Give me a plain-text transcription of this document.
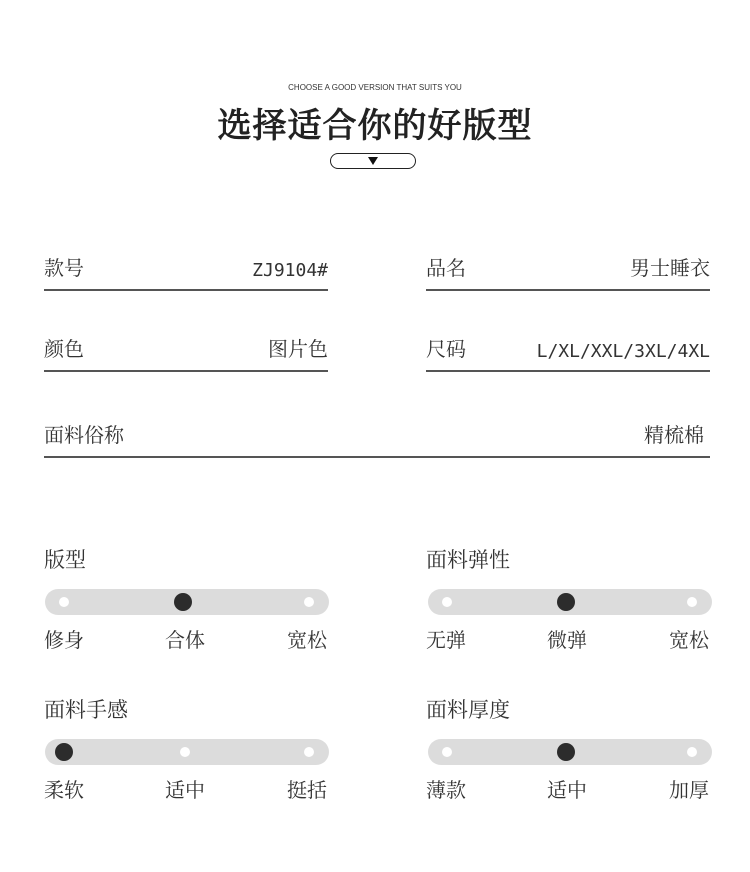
CHOOSE A GOOD VERSION THAT SUITS YOU
选择适合你的好版型
款号	ZJ9104#	品名	男士睡衣
颜色	图片色	尺码	L/XL/XXL/3XL/4XL
面料俗称	精梳棉
版型
修身	合体	宽松
面料弹性
无弹	微弹	宽松
面料手感
柔软	适中	挺括
面料厚度
薄款	适中	加厚
